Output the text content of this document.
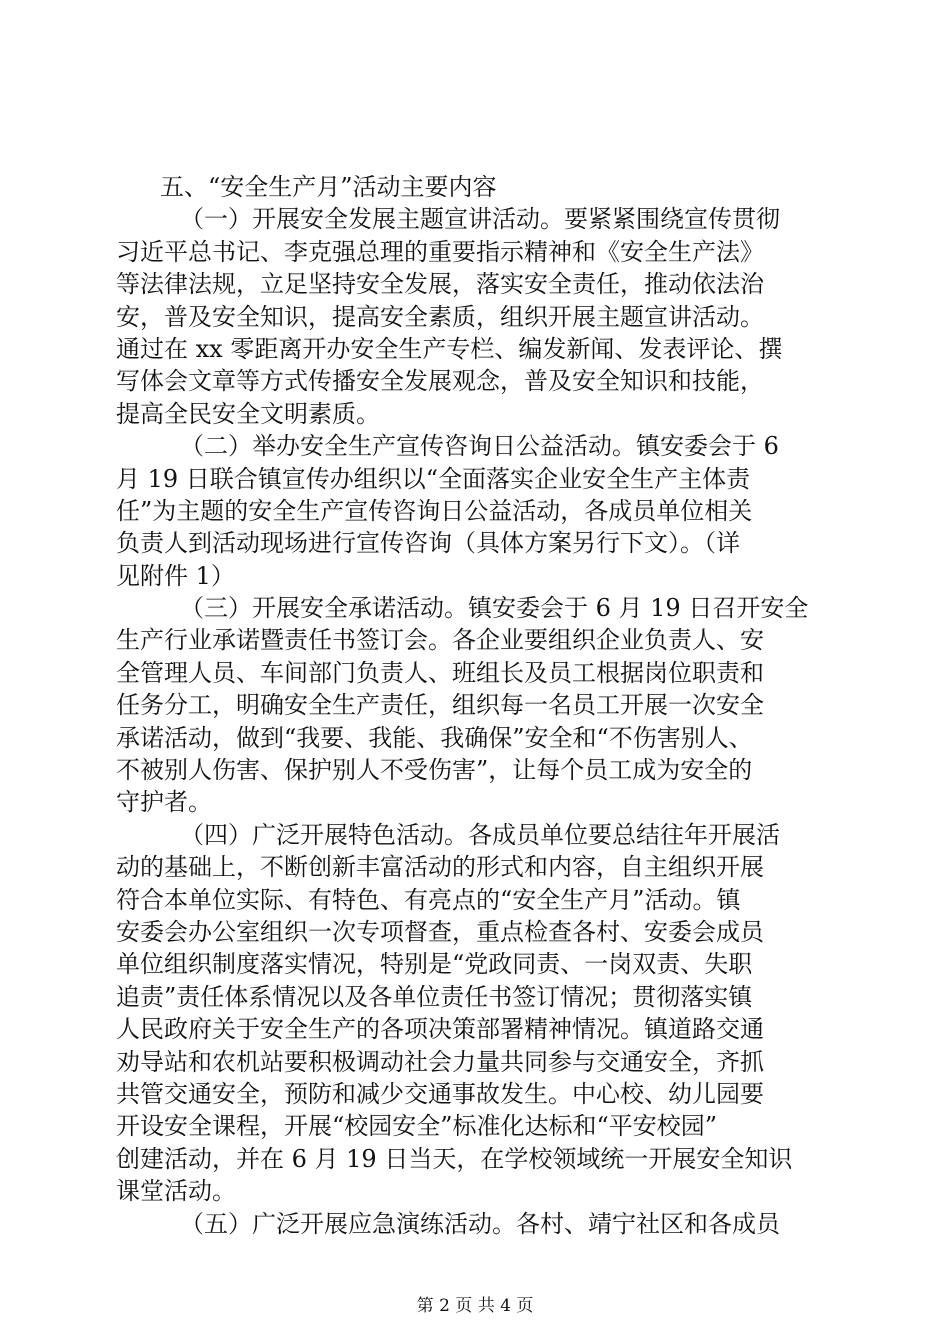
五、“安全生产月”活动主要内容
（一）开展安全发展主题宣讲活动。要紧紧围绕宣传贯彻
习近平总书记、李克强总理的重要指示精神和《安全生产法》
等法律法规，立足坚持安全发展，落实安全责任，推动依法治
安，普及安全知识，提高安全素质，组织开展主题宣讲活动。
通过在 xx 零距离开办安全生产专栏、编发新闻、发表评论、撰
写体会文章等方式传播安全发展观念，普及安全知识和技能，
提高全民安全文明素质。
（二）举办安全生产宣传咨询日公益活动。镇安委会于 6
月 19 日联合镇宣传办组织以“全面落实企业安全生产主体责
任”为主题的安全生产宣传咨询日公益活动，各成员单位相关
负责人到活动现场进行宣传咨询（具体方案另行下文）。（详
见附件 1）
（三）开展安全承诺活动。镇安委会于 6 月 19 日召开安全
生产行业承诺暨责任书签订会。各企业要组织企业负责人、安
全管理人员、车间部门负责人、班组长及员工根据岗位职责和
任务分工，明确安全生产责任，组织每一名员工开展一次安全
承诺活动，做到“我要、我能、我确保”安全和“不伤害别人、
不被别人伤害、保护别人不受伤害”，让每个员工成为安全的
守护者。
（四）广泛开展特色活动。各成员单位要总结往年开展活
动的基础上，不断创新丰富活动的形式和内容，自主组织开展
符合本单位实际、有特色、有亮点的“安全生产月”活动。镇
安委会办公室组织一次专项督查，重点检查各村、安委会成员
单位组织制度落实情况，特别是“党政同责、一岗双责、失职
追责”责任体系情况以及各单位责任书签订情况；贯彻落实镇
人民政府关于安全生产的各项决策部署精神情况。镇道路交通
劝导站和农机站要积极调动社会力量共同参与交通安全，齐抓
共管交通安全，预防和减少交通事故发生。中心校、幼儿园要
开设安全课程，开展“校园安全”标准化达标和“平安校园”
创建活动，并在 6 月 19 日当天，在学校领域统一开展安全知识
课堂活动。
（五）广泛开展应急演练活动。各村、靖宁社区和各成员
第 2 页 共 4 页
